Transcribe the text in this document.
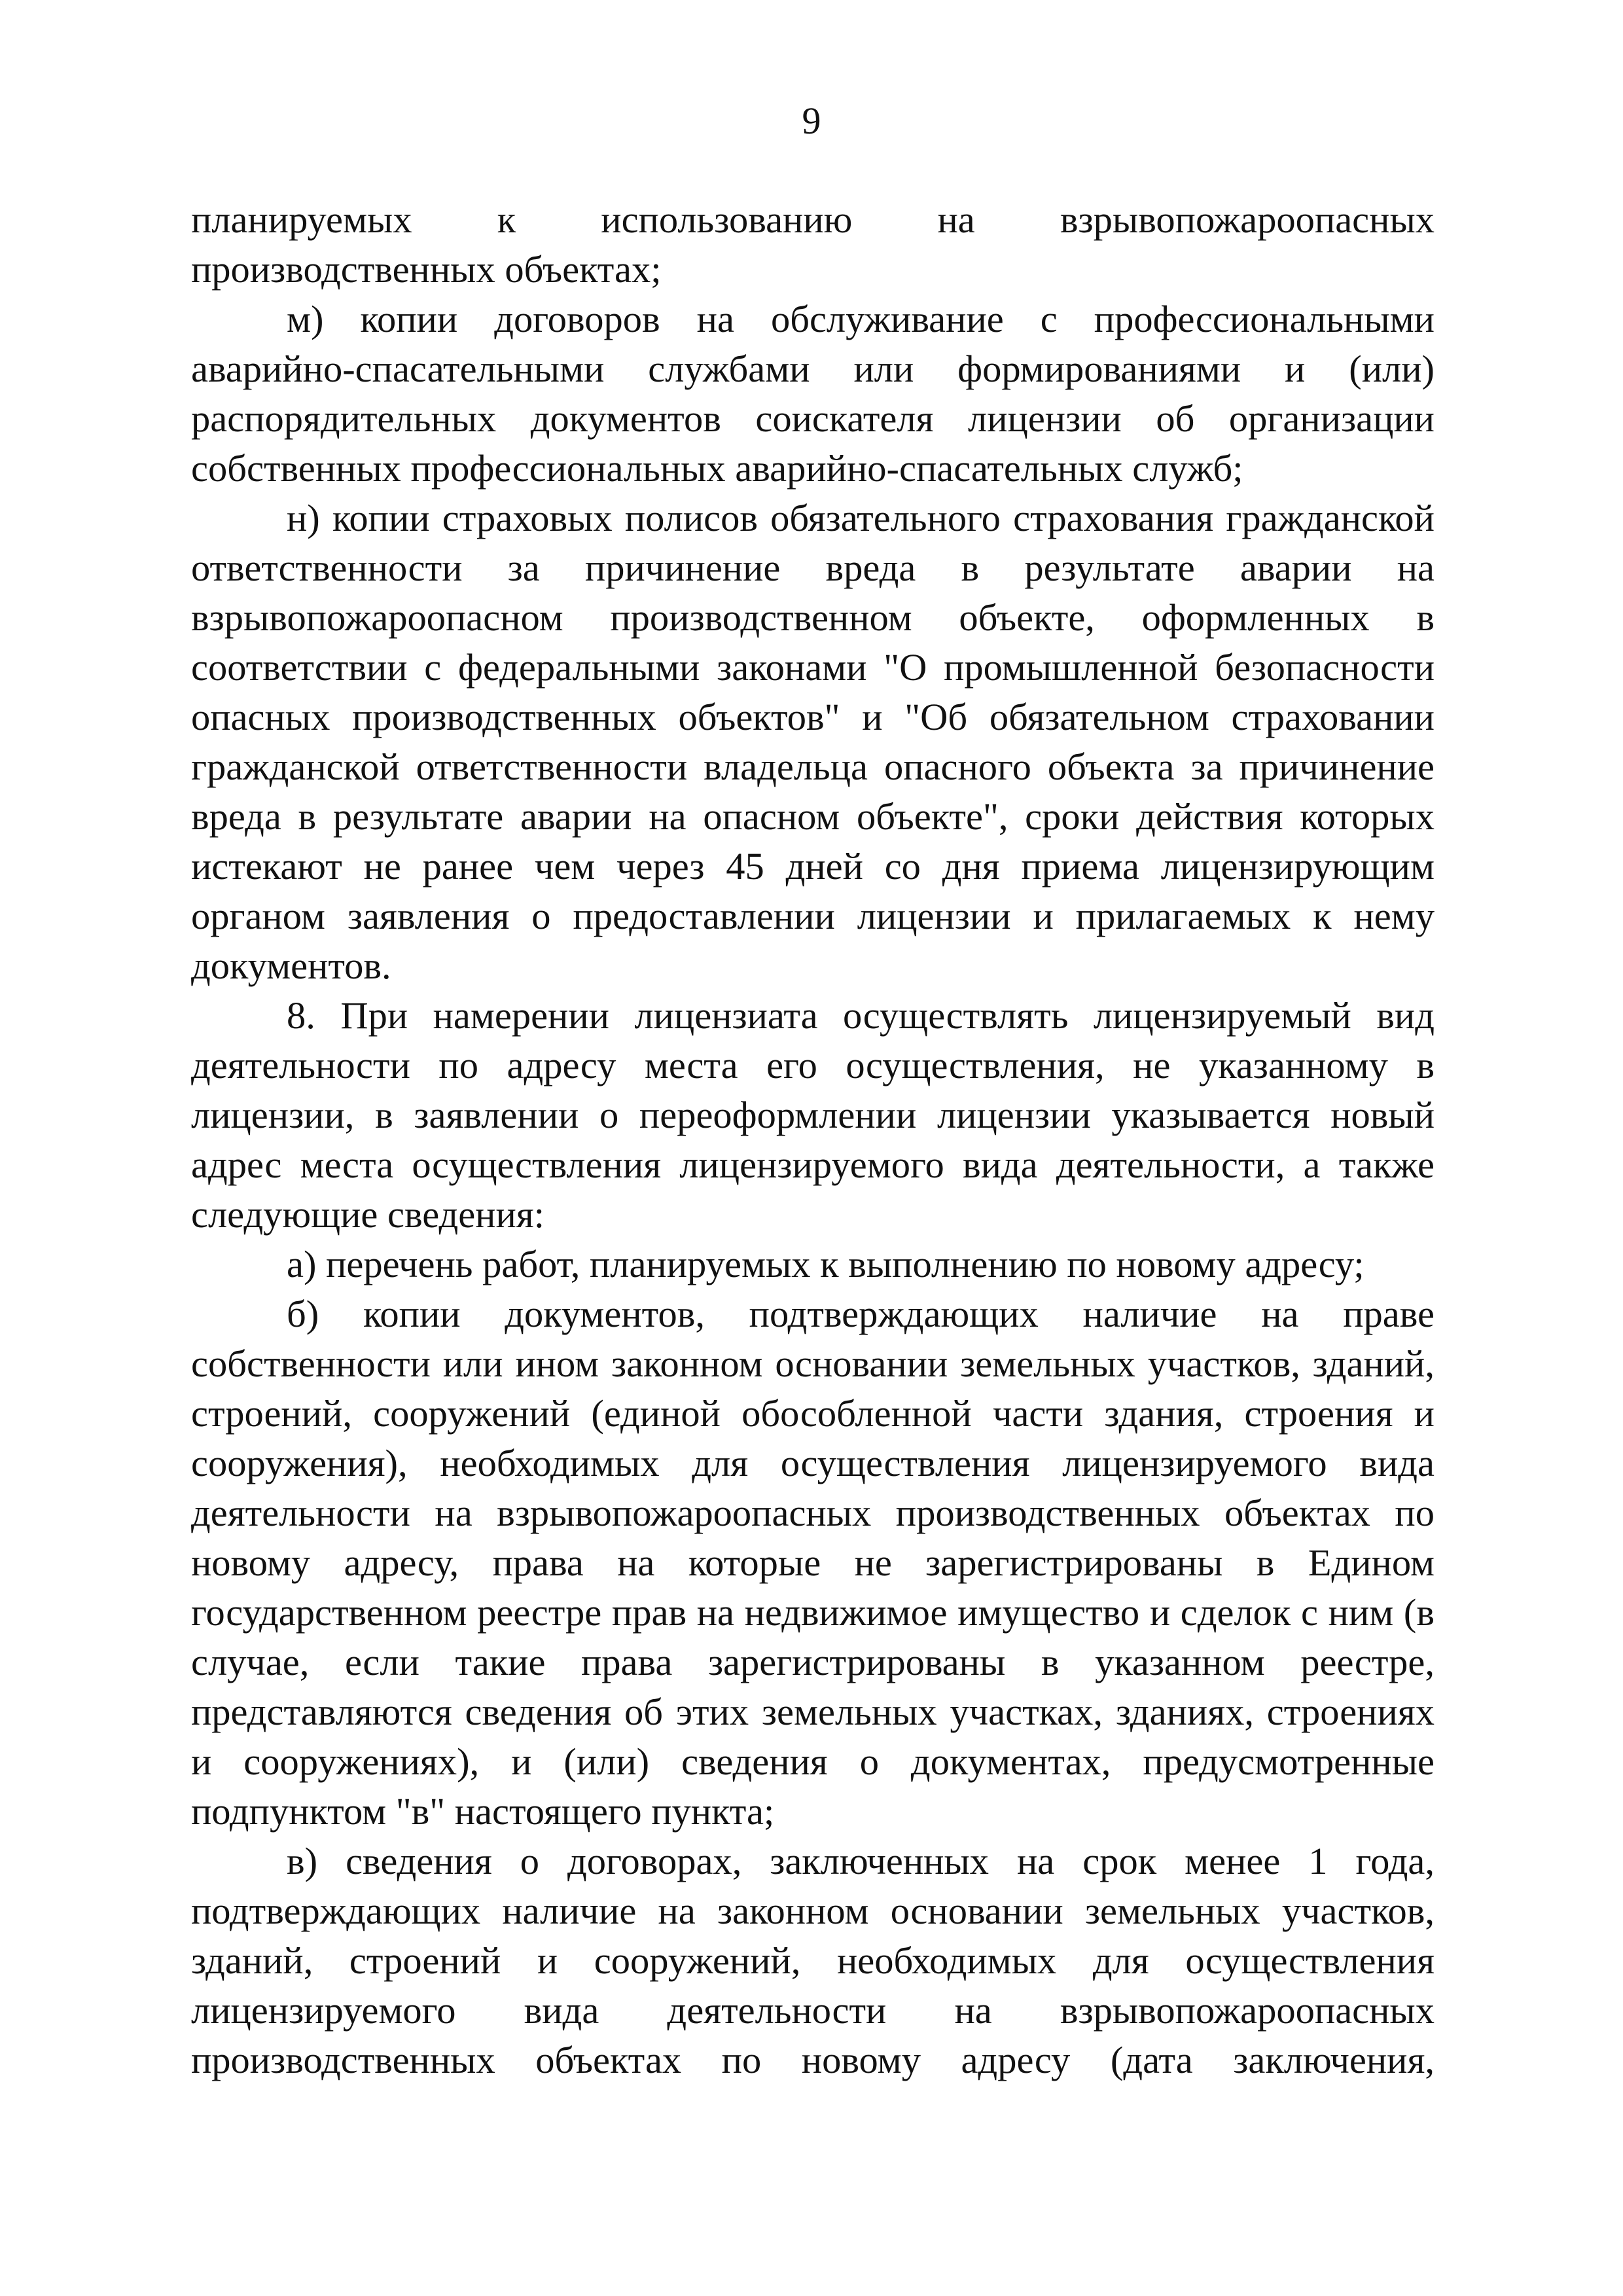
9

планируемых к использованию на взрывопожароопасных производственных объектах;

м) копии договоров на обслуживание с профессиональными аварийно-спасательными службами или формированиями и (или) распорядительных документов соискателя лицензии об организации собственных профессиональных аварийно-спасательных служб;

н) копии страховых полисов обязательного страхования гражданской ответственности за причинение вреда в результате аварии на взрывопожароопасном производственном объекте, оформленных в соответствии с федеральными законами "О промышленной безопасности опасных производственных объектов" и "Об обязательном страховании гражданской ответственности владельца опасного объекта за причинение вреда в результате аварии на опасном объекте", сроки действия которых истекают не ранее чем через 45 дней со дня приема лицензирующим органом заявления о предоставлении лицензии и прилагаемых к нему документов.

8. При намерении лицензиата осуществлять лицензируемый вид деятельности по адресу места его осуществления, не указанному в лицензии, в заявлении о переоформлении лицензии указывается новый адрес места осуществления лицензируемого вида деятельности, а также следующие сведения:

а) перечень работ, планируемых к выполнению по новому адресу;

б) копии документов, подтверждающих наличие на праве собственности или ином законном основании земельных участков, зданий, строений, сооружений (единой обособленной части здания, строения и сооружения), необходимых для осуществления лицензируемого вида деятельности на взрывопожароопасных производственных объектах по новому адресу, права на которые не зарегистрированы в Едином государственном реестре прав на недвижимое имущество и сделок с ним (в случае, если такие права зарегистрированы в указанном реестре, представляются сведения об этих земельных участках, зданиях, строениях и сооружениях), и (или) сведения о документах, предусмотренные подпунктом "в" настоящего пункта;

в) сведения о договорах, заключенных на срок менее 1 года, подтверждающих наличие на законном основании земельных участков, зданий, строений и сооружений, необходимых для осуществления лицензируемого вида деятельности на взрывопожароопасных производственных объектах по новому адресу (дата заключения,
